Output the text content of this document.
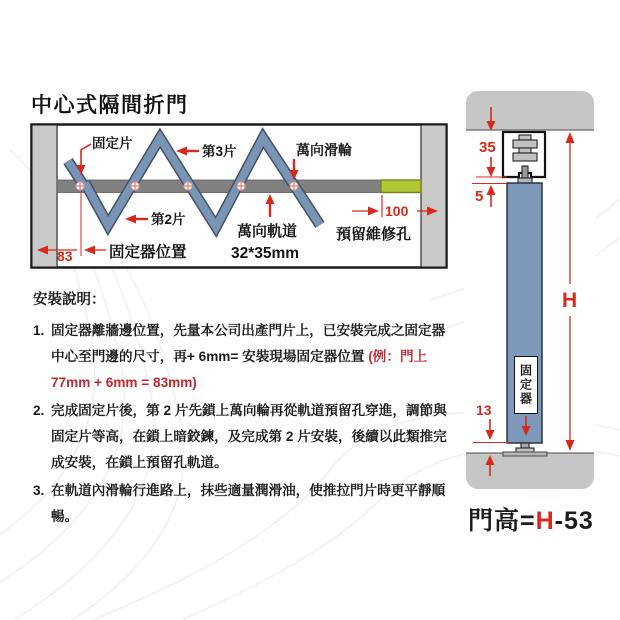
中心式隔間折門
固定片
第3片	萬向滑輪
第2片
萬向軌道
32*35mm
預留維修孔
固定器位置
83
100
35
5
13
H
固定器
安裝說明：
1. 固定器離牆邊位置，先量本公司出產門片上，已安裝完成之固定器中心至門邊的尺寸，再+ 6mm= 安裝現場固定器位置 (例：門上77mm + 6mm = 83mm)
2. 完成固定片後，第 2 片先鎖上萬向輪再從軌道預留孔穿進，調節與固定片等高，在鎖上暗鉸鍊，及完成第 2 片安裝，後續以此類推完成安裝，在鎖上預留孔軌道。
3. 在軌道內滑輪行進路上，抹些適量潤滑油，使推拉門片時更平靜順暢。	門高=H-53
